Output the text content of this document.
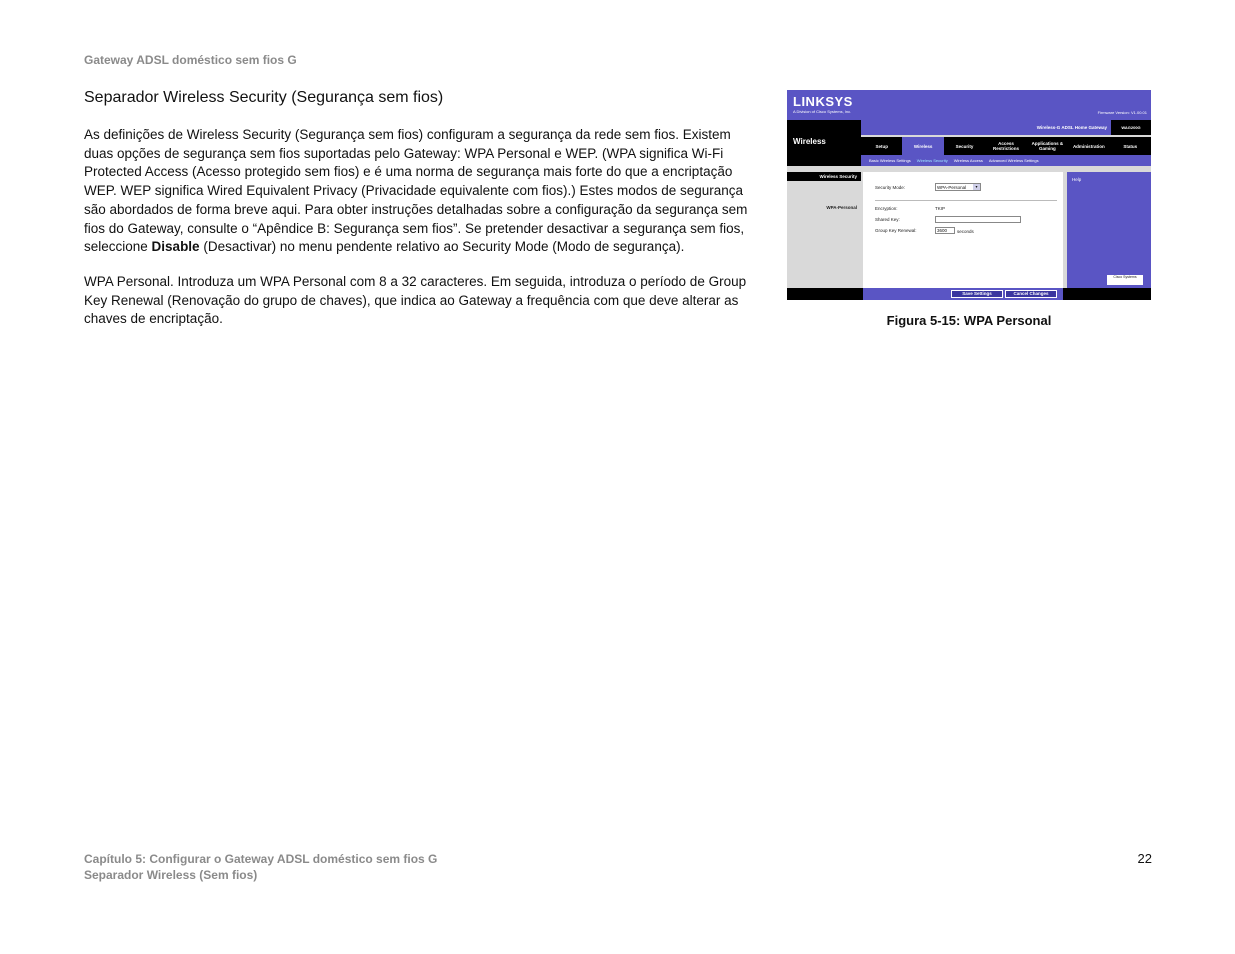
Gateway ADSL doméstico sem fios G
Separador Wireless Security (Segurança sem fios)
As definições de Wireless Security (Segurança sem fios) configuram a segurança da rede sem fios. Existem duas opções de segurança sem fios suportadas pelo Gateway: WPA Personal e WEP. (WPA significa Wi-Fi Protected Access (Acesso protegido sem fios) e é uma norma de segurança mais forte do que a encriptação WEP. WEP significa Wired Equivalent Privacy (Privacidade equivalente com fios).) Estes modos de segurança são abordados de forma breve aqui. Para obter instruções detalhadas sobre a configuração da segurança sem fios do Gateway, consulte o “Apêndice B: Segurança sem fios”. Se pretender desactivar a segurança sem fios, seleccione Disable (Desactivar) no menu pendente relativo ao Security Mode (Modo de segurança).
WPA Personal. Introduza um WPA Personal com 8 a 32 caracteres. Em seguida, introduza o período de Group Key Renewal (Renovação do grupo de chaves), que indica ao Gateway a frequência com que deve alterar as chaves de encriptação.
LINKSYS
A Division of Cisco Systems, Inc.	Firmware Version: V1.00.01
Wireless
Wireless-G ADSL Home Gateway	WAG200G
Setup	Wireless	Security	Access Restrictions
Applications & Gaming	Administration	Status
Basic Wireless Settings Wireless Security Wireless Access Advanced Wireless Settings
Wireless Security
WPA-Personal
Security Mode:	WPA-Personal	▾
Encryption:	TKIP
Shared Key:
Group Key Renewal:	3600	seconds
Help
Cisco Systems
Save Settings	Cancel Changes
Figura 5-15: WPA Personal
Capítulo 5: Configurar o Gateway ADSL doméstico sem fios G
Separador Wireless (Sem fios)
22
